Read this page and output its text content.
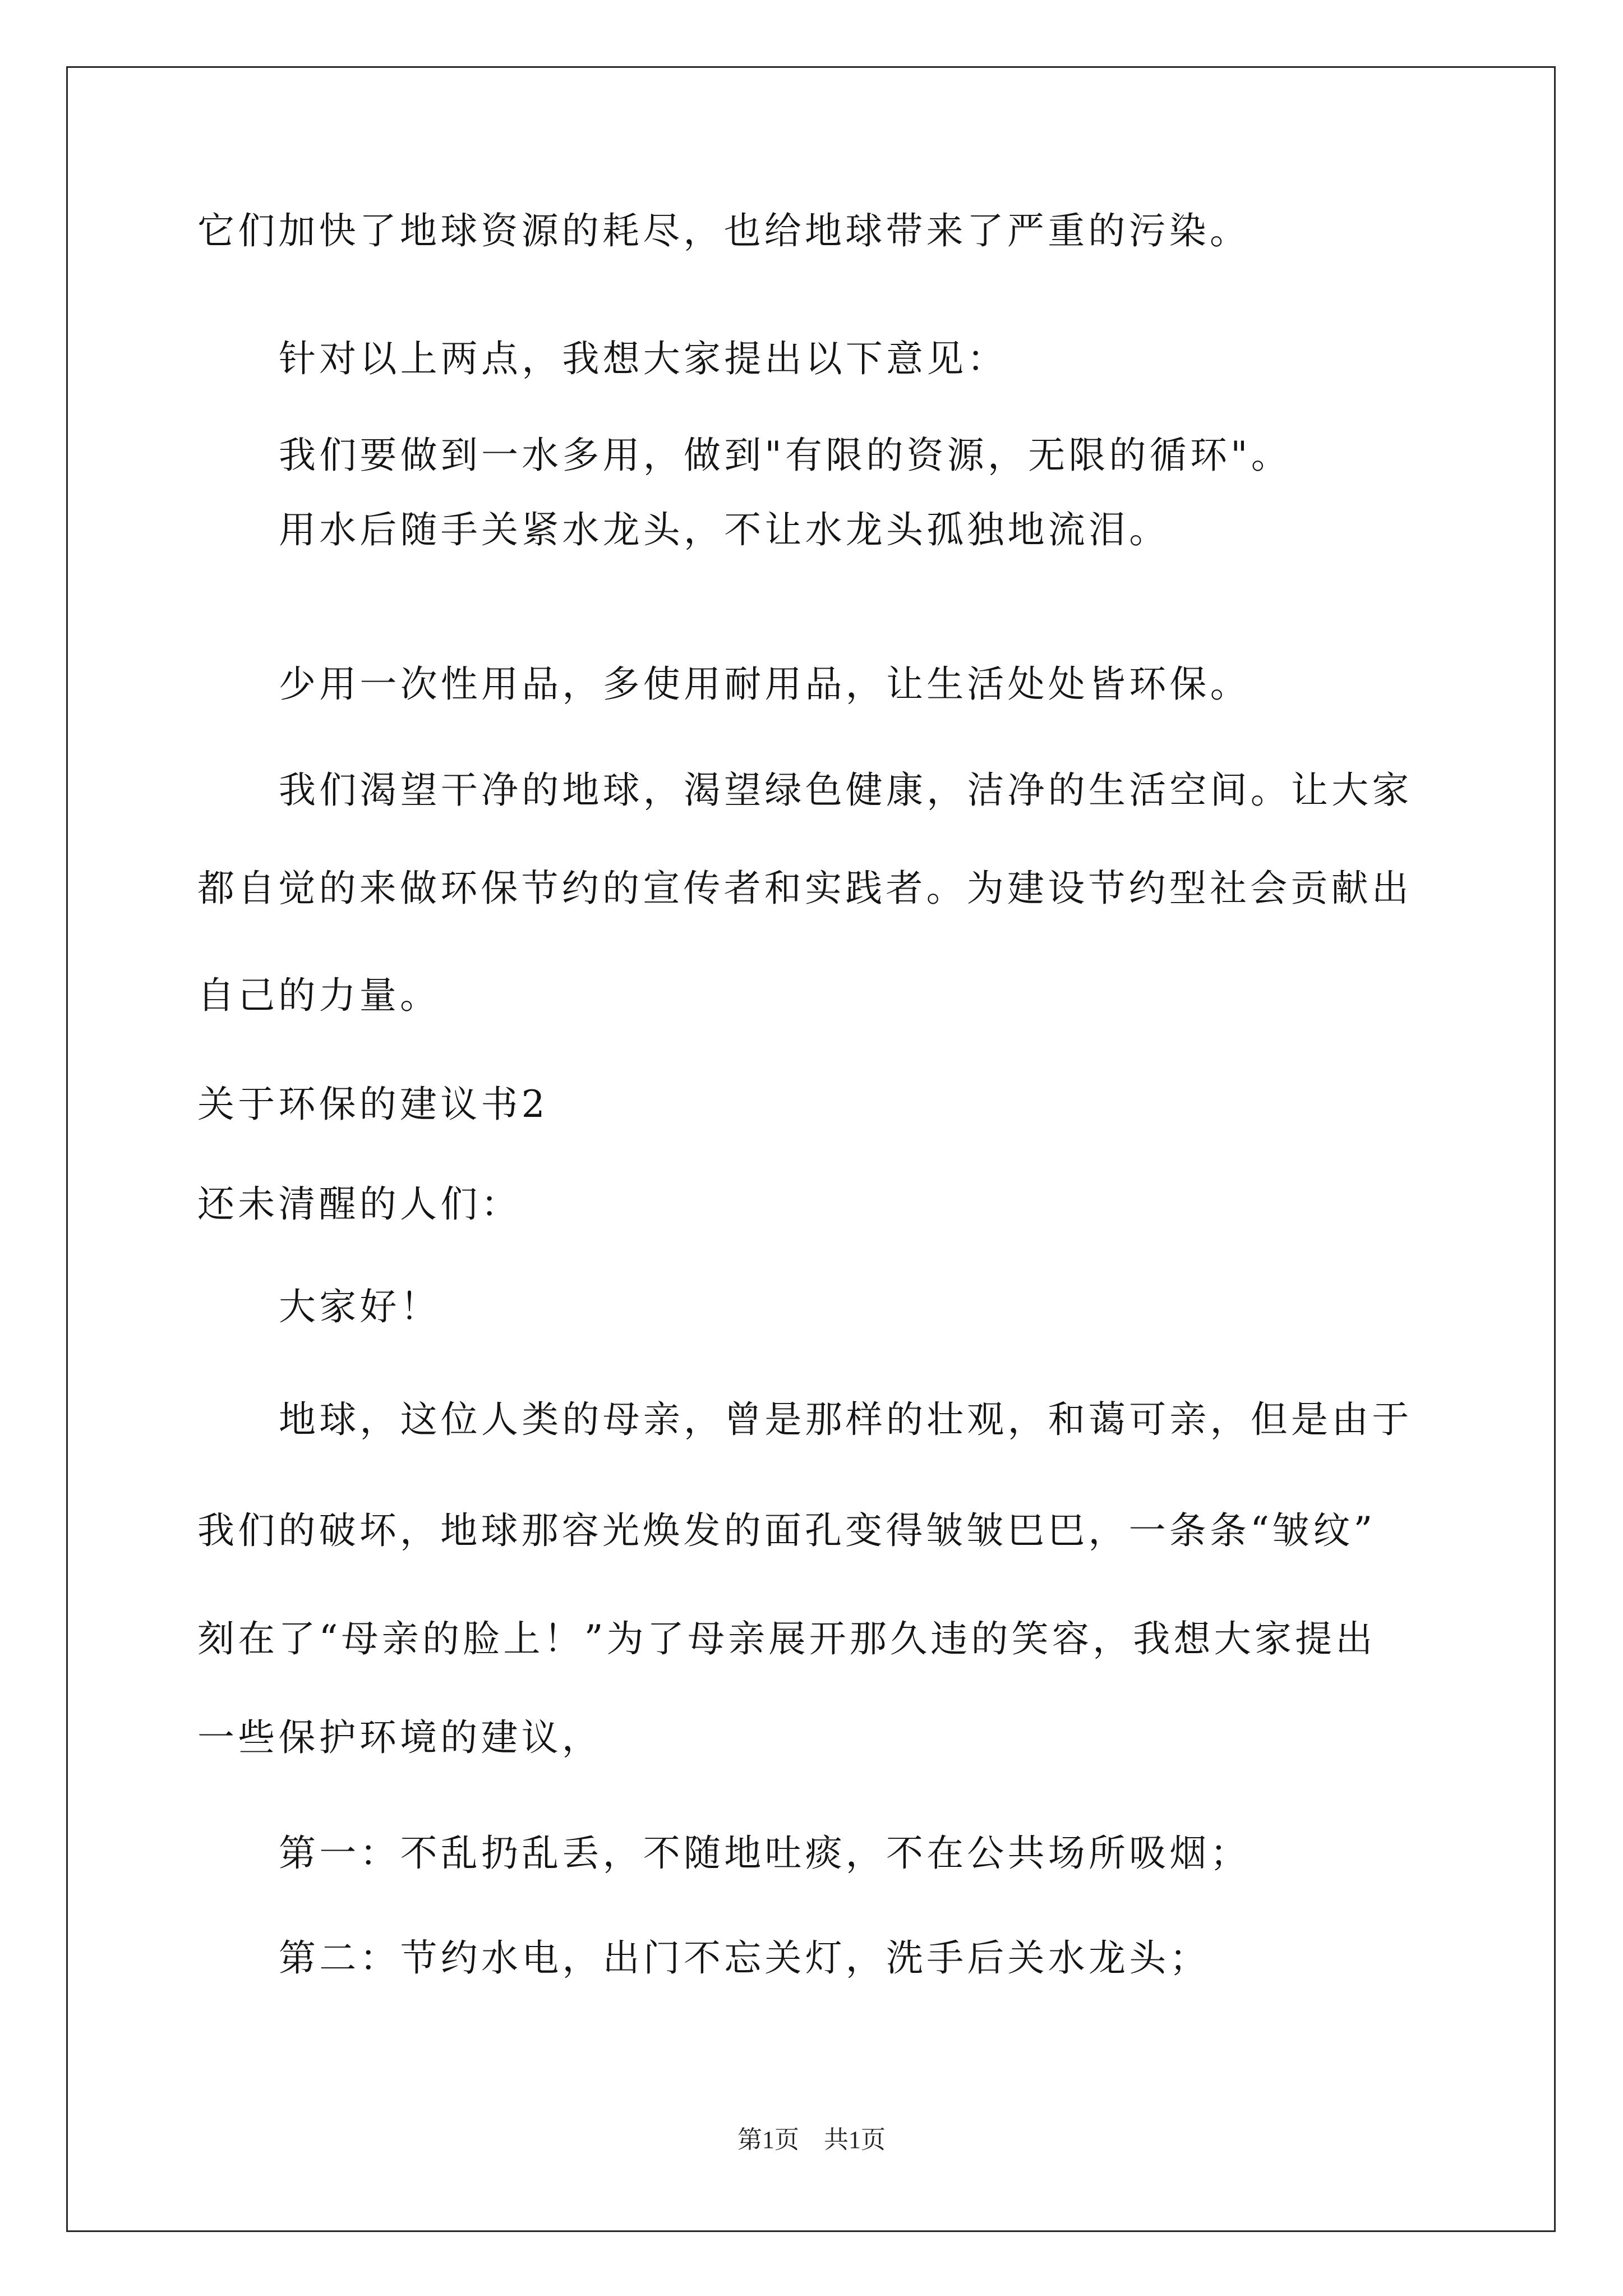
它们加快了地球资源的耗尽，也给地球带来了严重的污染。
针对以上两点，我想大家提出以下意见：
我们要做到一水多用，做到"有限的资源，无限的循环"。
用水后随手关紧水龙头，不让水龙头孤独地流泪。
少用一次性用品，多使用耐用品，让生活处处皆环保。
我们渴望干净的地球，渴望绿色健康，洁净的生活空间。让大家
都自觉的来做环保节约的宣传者和实践者。为建设节约型社会贡献出
自己的力量。
关于环保的建议书2
还未清醒的人们：
大家好！
地球，这位人类的母亲，曾是那样的壮观，和蔼可亲，但是由于
我们的破坏，地球那容光焕发的面孔变得皱皱巴巴，一条条“皱纹”
刻在了“母亲的脸上！”为了母亲展开那久违的笑容，我想大家提出
一些保护环境的建议，
第一：不乱扔乱丢，不随地吐痰，不在公共场所吸烟；
第二：节约水电，出门不忘关灯，洗手后关水龙头；
第1页　共1页
